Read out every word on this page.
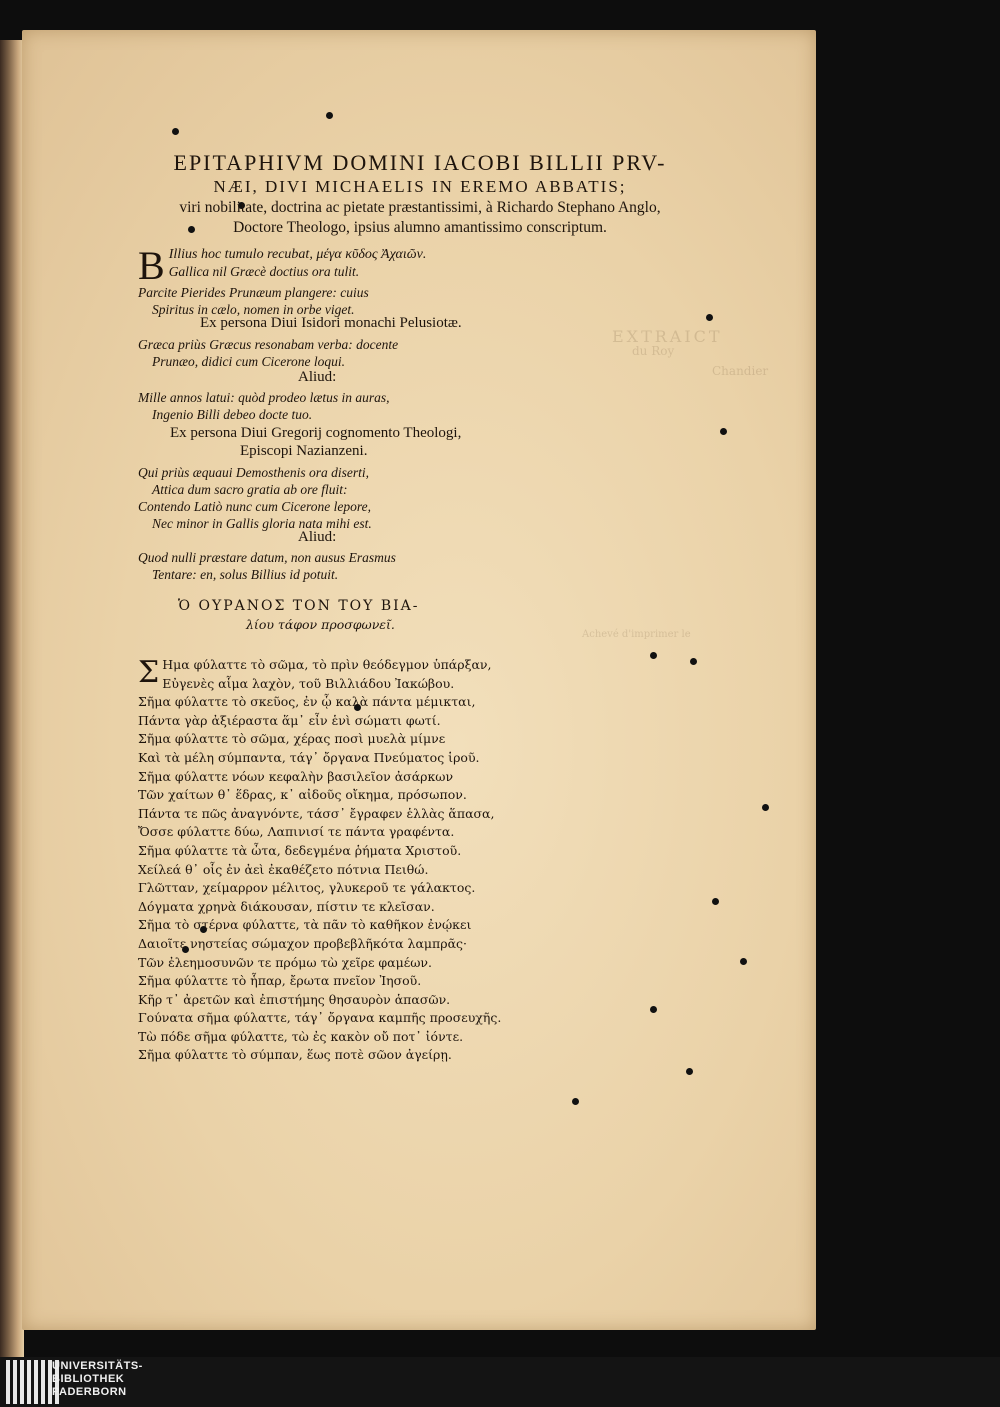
EXTRAICT
du Roy
Chandier
Achevé d'imprimer le
EPITAPHIVM DOMINI IACOBI BILLII PRV-
NÆI, DIVI MICHAELIS IN EREMO ABBATIS;
viri nobilitate, doctrina ac pietate præstantissimi, à Richardo Stephano Anglo,
Doctore Theologo, ipsius alumno amantissimo conscriptum.
B Illius hoc tumulo recubat, μέγα κῦδος Ἀχαιῶν.
Gallica nil Græcè doctius ora tulit.
Parcite Pierides Prunæum plangere: cuius
Spiritus in cælo, nomen in orbe viget.
Ex persona Diui Isidori monachi Pelusiotæ.
Græca priùs Græcus resonabam verba: docente
Prunæo, didici cum Cicerone loqui.
Aliud:
Mille annos latui: quòd prodeo lætus in auras,
Ingenio Billi debeo docte tuo.
Ex persona Diui Gregorij cognomento Theologi,
Episcopi Nazianzeni.
Qui priùs æquaui Demosthenis ora diserti,
Attica dum sacro gratia ab ore fluit:
Contendo Latiò nunc cum Cicerone lepore,
Nec minor in Gallis gloria nata mihi est.
Aliud:
Quod nulli præstare datum, non ausus Erasmus
Tentare: en, solus Billius id potuit.
Ὁ ΟΥΡΑΝΟΣ ΤΟΝ ΤΟΥ ΒΙΑ-
λίου τάφον προσφωνεῖ.
Σ Ημα φύλαττε τὸ σῶμα, τὸ πρὶν θεόδεγμον ὑπάρξαν,
Εὐγενὲς αἷμα λαχὸν, τοῦ Βιλλιάδου Ἰακώβου.
Σῆμα φύλαττε τὸ σκεῦος, ἐν ᾧ καλὰ πάντα μέμικται,
Πάντα γὰρ ἀξιέραστα ἅμ᾽ εἶν ἑνὶ σώματι φωτί.
Σῆμα φύλαττε τὸ σῶμα, χέρας ποσὶ μυελὰ μίμνε
Καὶ τὰ μέλη σύμπαντα, τάγ᾽ ὄργανα Πνεύματος ἱροῦ.
Σῆμα φύλαττε νόων κεφαλὴν βασιλεῖον ἀσάρκων
Τῶν χαίτων θ᾽ ἕδρας, κ᾽ αἰδοῦς οἴκημα, πρόσωπον.
Πάντα τε πῶς ἀναγνόντε, τάσσ᾽ ἔγραφεν ἑλλὰς ἅπασα,
Ὄσσε φύλαττε δύω, Λαπινισί τε πάντα γραφέντα.
Σῆμα φύλαττε τὰ ὦτα, δεδεγμένα ῥήματα Χριστοῦ.
Χείλεά θ᾽ οἷς ἐν ἀεὶ ἐκαθέζετο πότνια Πειθώ.
Γλῶτταν, χείμαρρον μέλιτος, γλυκεροῦ τε γάλακτος.
Δόγματα χρηνὰ διάκουσαν, πίστιν τε κλεῖσαν.
Σῆμα τὸ στέρνα φύλαττε, τὰ πᾶν τὸ καθῆκον ἐνῴκει
Δαιοῖτε νηστείας σώμαχον προβεβλῆκότα λαμπρᾶς·
Τῶν ἐλεημοσυνῶν τε πρόμω τὼ χεῖρε φαμέων.
Σῆμα φύλαττε τὸ ἧπαρ, ἔρωτα πνεῖον Ἰησοῦ.
Κῆρ τ᾽ ἀρετῶν καὶ ἐπιστήμης θησαυρὸν ἁπασῶν.
Γούνατα σῆμα φύλαττε, τάγ᾽ ὄργανα καμπῆς προσευχῆς.
Τὼ πόδε σῆμα φύλαττε, τὼ ἐς κακὸν οὔ ποτ᾽ ἰόντε.
Σῆμα φύλαττε τὸ σύμπαν, ἕως ποτὲ σῶον ἀγείρῃ.
UNIVERSITÄTS-
BIBLIOTHEK
PADERBORN
